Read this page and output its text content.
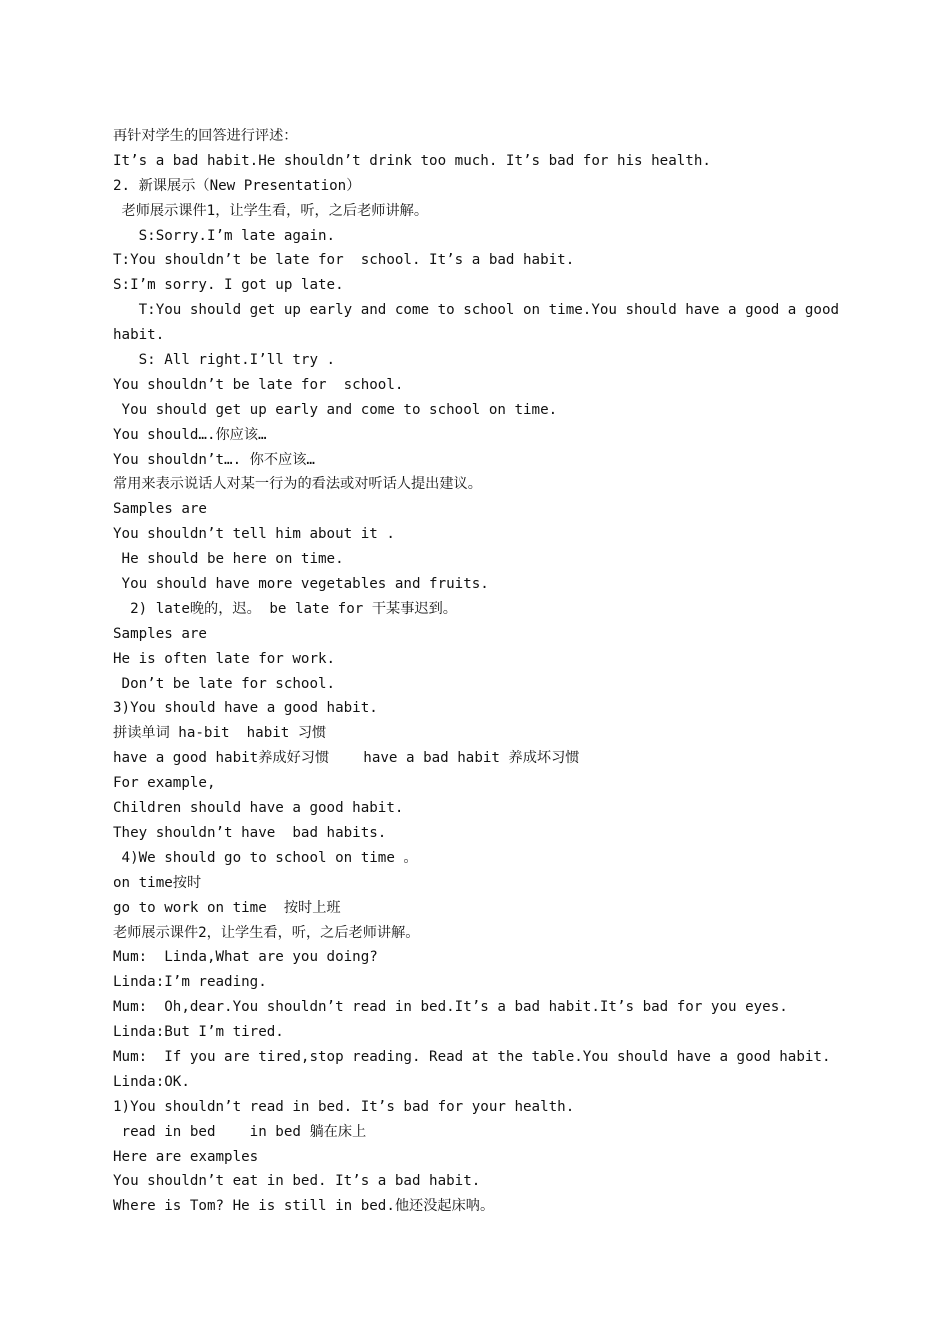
再针对学生的回答进行评述：
It’s a bad habit.He shouldn’t drink too much. It’s bad for his health.
2. 新课展示（New Presentation）
老师展示课件1，让学生看，听，之后老师讲解。
S:Sorry.I’m late again.
T:You shouldn’t be late for  school. It’s a bad habit.
S:I’m sorry. I got up late.
T:You should get up early and come to school on time.You should have a good a good
habit.
S: All right.I’ll try .
You shouldn’t be late for  school.
You should get up early and come to school on time.
You should….你应该…
You shouldn’t…. 你不应该…
常用来表示说话人对某一行为的看法或对听话人提出建议。
Samples are
You shouldn’t tell him about it .
He should be here on time.
You should have more vegetables and fruits.
2) late晚的，迟。 be late for 干某事迟到。
Samples are
He is often late for work.
Don’t be late for school.
3)You should have a good habit.
拼读单词 ha-bit  habit 习惯
have a good habit养成好习惯    have a bad habit 养成坏习惯
For example,
Children should have a good habit.
They shouldn’t have  bad habits.
4)We should go to school on time 。
on time按时
go to work on time  按时上班
老师展示课件2，让学生看，听，之后老师讲解。
Mum:  Linda,What are you doing?
Linda:I’m reading.
Mum:  Oh,dear.You shouldn’t read in bed.It’s a bad habit.It’s bad for you eyes.
Linda:But I’m tired.
Mum:  If you are tired,stop reading. Read at the table.You should have a good habit.
Linda:OK.
1)You shouldn’t read in bed. It’s bad for your health.
read in bed    in bed 躺在床上
Here are examples
You shouldn’t eat in bed. It’s a bad habit.
Where is Tom? He is still in bed.他还没起床呐。
